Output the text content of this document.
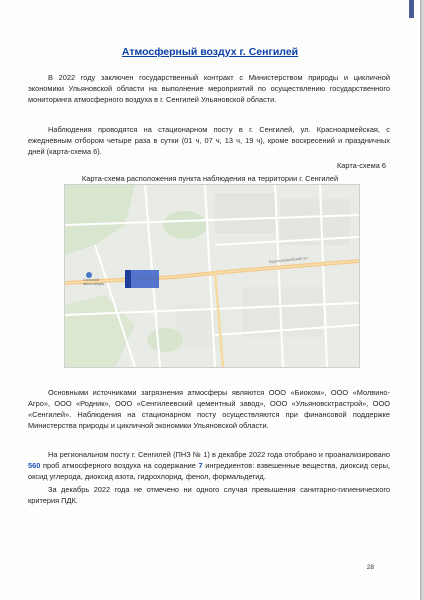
Атмосферный воздух г. Сенгилей

В 2022 году заключен государственный контракт с Министерством природы и цикличной экономики Ульяновской области на выполнение мероприятий по осуществлению государственного мониторинга атмосферного воздуха в г. Сенгилей Ульяновской области.

Наблюдения проводятся на стационарном посту в г. Сенгилей, ул. Красноармейская, с ежедневным отбором четыре раза в сутки (01 ч, 07 ч, 13 ч, 19 ч), кроме воскресений и праздничных дней (карта-схема 6).

Карта-схема 6
Карта-схема расположения пункта наблюдения на территории г. Сенгилей
Красноармейская ул.
Сенгилей автостанция

Основными источниками загрязнения атмосферы являются ООО «Биоком», ООО «Молвино-Агро», ООО «Родник», ООО «Сенгилеевский цементный завод», ООО «Ульяновсктрастрой», ООО «Сенгилей». Наблюдения на стационарном посту осуществляются при финансовой поддержке Министерства природы и цикличной экономики Ульяновской области.

На региональном посту г. Сенгилей (ПНЗ № 1) в декабре 2022 года отобрано и проанализировано 560 проб атмосферного воздуха на содержание 7 ингредиентов: взвешенные вещества, диоксид серы, оксид углерода, диоксид азота, гидрохлорид, фенол, формальдегид.

За декабрь 2022 года не отмечено ни одного случая превышения санитарно-гигиенического критерия ПДК.

28
